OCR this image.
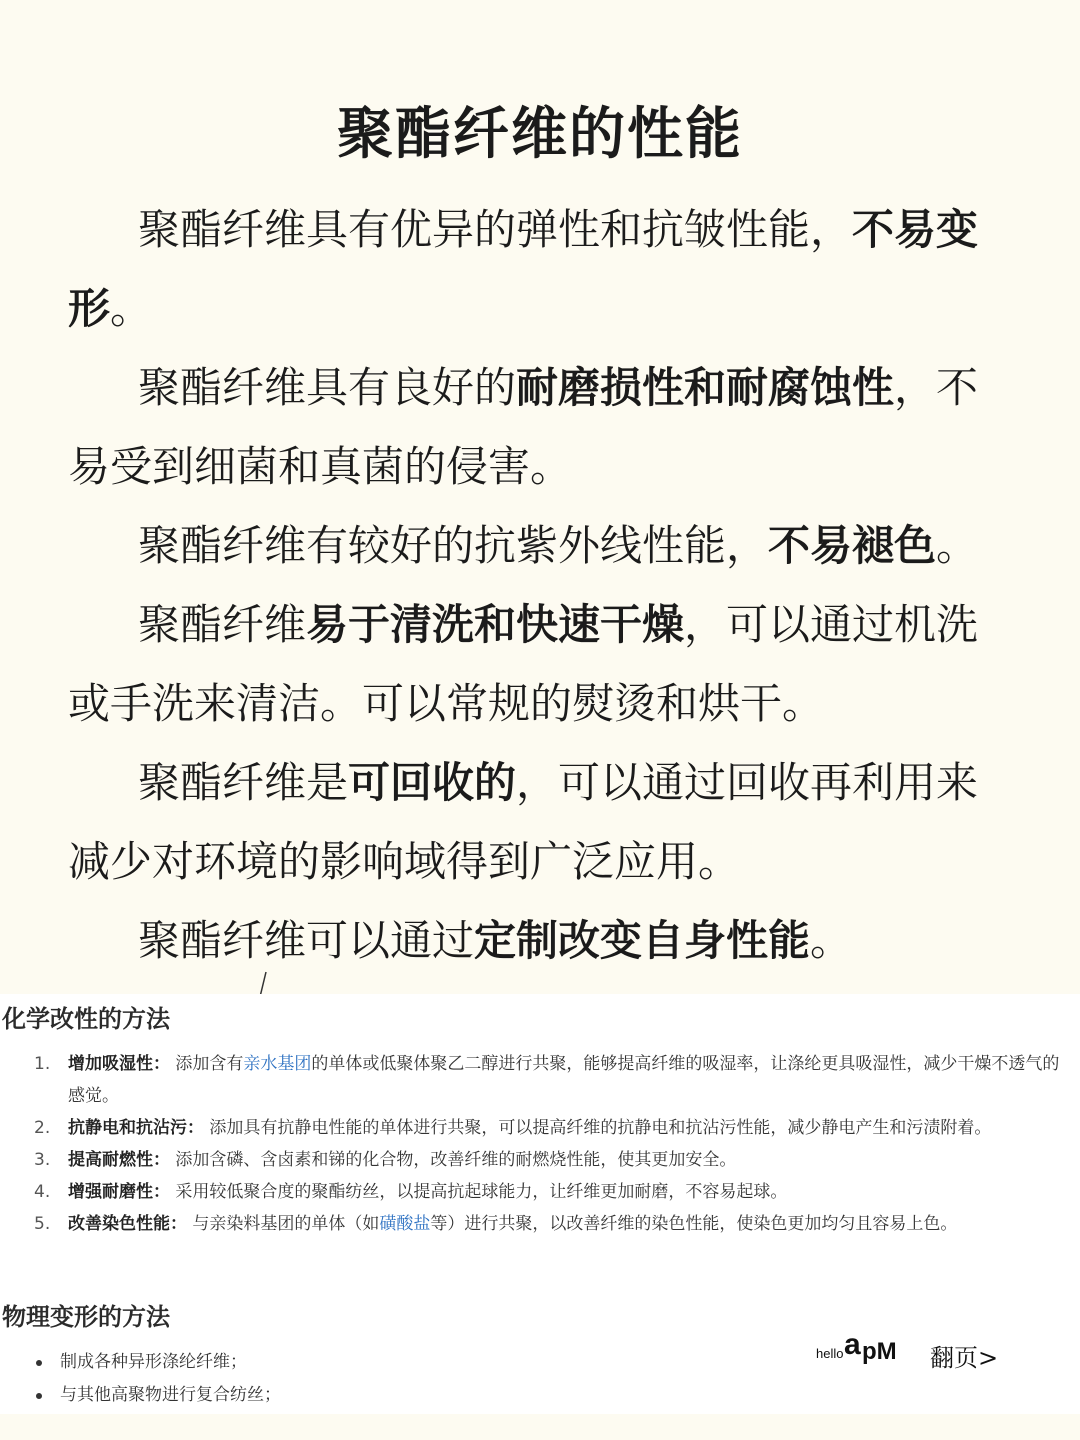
聚酯纤维的性能

聚酯纤维具有优异的弹性和抗皱性能，不易变形。

聚酯纤维具有良好的耐磨损性和耐腐蚀性，不易受到细菌和真菌的侵害。

聚酯纤维有较好的抗紫外线性能，不易褪色。

聚酯纤维易于清洗和快速干燥，可以通过机洗或手洗来清洁。可以常规的熨烫和烘干。

聚酯纤维是可回收的，可以通过回收再利用来减少对环境的影响域得到广泛应用。

聚酯纤维可以通过定制改变自身性能。

化学改性的方法
1. 增加吸湿性： 添加含有亲水基团的单体或低聚体聚乙二醇进行共聚，能够提高纤维的吸湿率，让涤纶更具吸湿性，减少干燥不透气的感觉。
2. 抗静电和抗沾污： 添加具有抗静电性能的单体进行共聚，可以提高纤维的抗静电和抗沾污性能，减少静电产生和污渍附着。
3. 提高耐燃性： 添加含磷、含卤素和锑的化合物，改善纤维的耐燃烧性能，使其更加安全。
4. 增强耐磨性： 采用较低聚合度的聚酯纺丝，以提高抗起球能力，让纤维更加耐磨，不容易起球。
5. 改善染色性能： 与亲染料基团的单体（如磺酸盐等）进行共聚，以改善纤维的染色性能，使染色更加均匀且容易上色。
物理变形的方法
制成各种异形涤纶纤维；
与其他高聚物进行复合纺丝；
hello a pM 翻页>
